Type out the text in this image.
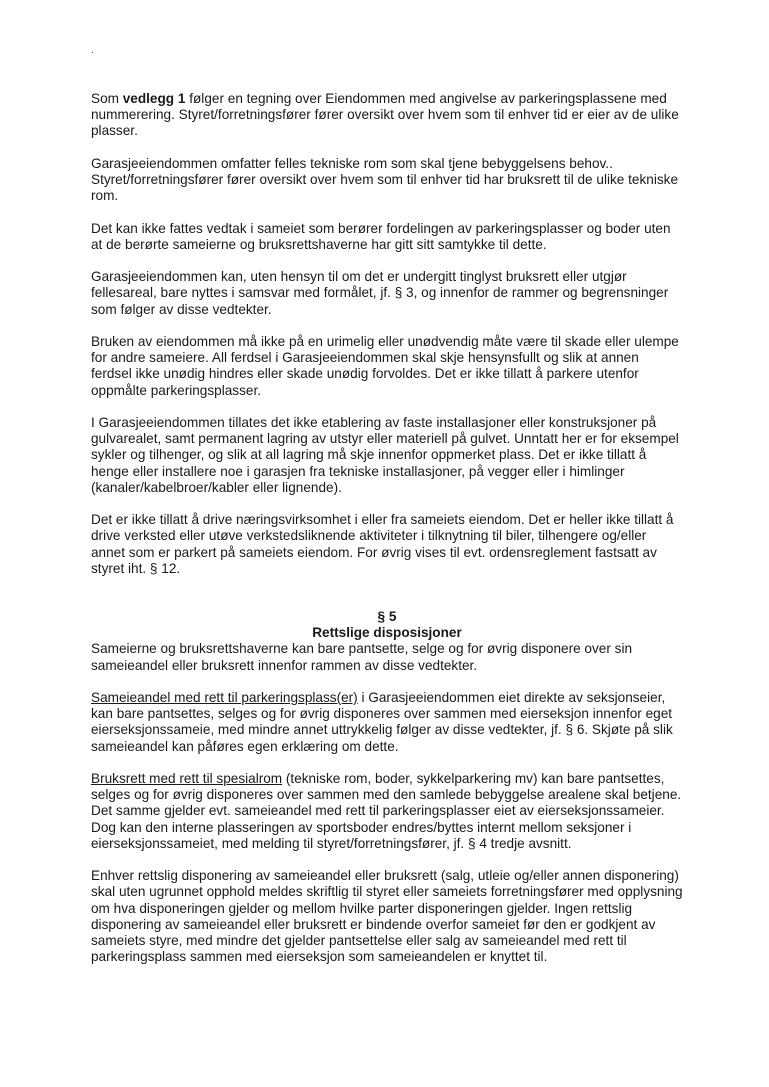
.

Som vedlegg 1 følger en tegning over Eiendommen med angivelse av parkeringsplassene med nummerering. Styret/forretningsfører fører oversikt over hvem som til enhver tid er eier av de ulike plasser.

Garasjeeiendommen omfatter felles tekniske rom som skal tjene bebyggelsens behov.. Styret/forretningsfører fører oversikt over hvem som til enhver tid har bruksrett til de ulike tekniske rom.

Det kan ikke fattes vedtak i sameiet som berører fordelingen av parkeringsplasser og boder uten at de berørte sameierne og bruksrettshaverne har gitt sitt samtykke til dette.

Garasjeeiendommen kan, uten hensyn til om det er undergitt tinglyst bruksrett eller utgjør fellesareal, bare nyttes i samsvar med formålet, jf. § 3, og innenfor de rammer og begrensninger som følger av disse vedtekter.

Bruken av eiendommen må ikke på en urimelig eller unødvendig måte være til skade eller ulempe for andre sameiere. All ferdsel i Garasjeeiendommen skal skje hensynsfullt og slik at annen ferdsel ikke unødig hindres eller skade unødig forvoldes. Det er ikke tillatt å parkere utenfor oppmålte parkeringsplasser.

I Garasjeeiendommen tillates det ikke etablering av faste installasjoner eller konstruksjoner på gulvarealet, samt permanent lagring av utstyr eller materiell på gulvet. Unntatt her er for eksempel sykler og tilhenger, og slik at all lagring må skje innenfor oppmerket plass. Det er ikke tillatt å henge eller installere noe i garasjen fra tekniske installasjoner, på vegger eller i himlinger (kanaler/kabelbroer/kabler eller lignende).

Det er ikke tillatt å drive næringsvirksomhet i eller fra sameiets eiendom. Det er heller ikke tillatt å drive verksted eller utøve verkstedsliknende aktiviteter i tilknytning til biler, tilhengere og/eller annet som er parkert på sameiets eiendom. For øvrig vises til evt. ordensreglement fastsatt av styret iht. § 12.

§ 5

Rettslige disposisjoner

Sameierne og bruksrettshaverne kan bare pantsette, selge og for øvrig disponere over sin sameieandel eller bruksrett innenfor rammen av disse vedtekter.

Sameieandel med rett til parkeringsplass(er) i Garasjeeiendommen eiet direkte av seksjonseier, kan bare pantsettes, selges og for øvrig disponeres over sammen med eierseksjon innenfor eget eierseksjonssameie, med mindre annet uttrykkelig følger av disse vedtekter, jf. § 6. Skjøte på slik sameieandel kan påføres egen erklæring om dette.

Bruksrett med rett til spesialrom (tekniske rom, boder, sykkelparkering mv) kan bare pantsettes, selges og for øvrig disponeres over sammen med den samlede bebyggelse arealene skal betjene. Det samme gjelder evt. sameieandel med rett til parkeringsplasser eiet av eierseksjonssameier. Dog kan den interne plasseringen av sportsboder endres/byttes internt mellom seksjoner i eierseksjonssameiet, med melding til styret/forretningsfører, jf. § 4 tredje avsnitt.

Enhver rettslig disponering av sameieandel eller bruksrett (salg, utleie og/eller annen disponering) skal uten ugrunnet opphold meldes skriftlig til styret eller sameiets forretningsfører med opplysning om hva disponeringen gjelder og mellom hvilke parter disponeringen gjelder. Ingen rettslig disponering av sameieandel eller bruksrett er bindende overfor sameiet før den er godkjent av sameiets styre, med mindre det gjelder pantsettelse eller salg av sameieandel med rett til parkeringsplass sammen med eierseksjon som sameieandelen er knyttet til.
